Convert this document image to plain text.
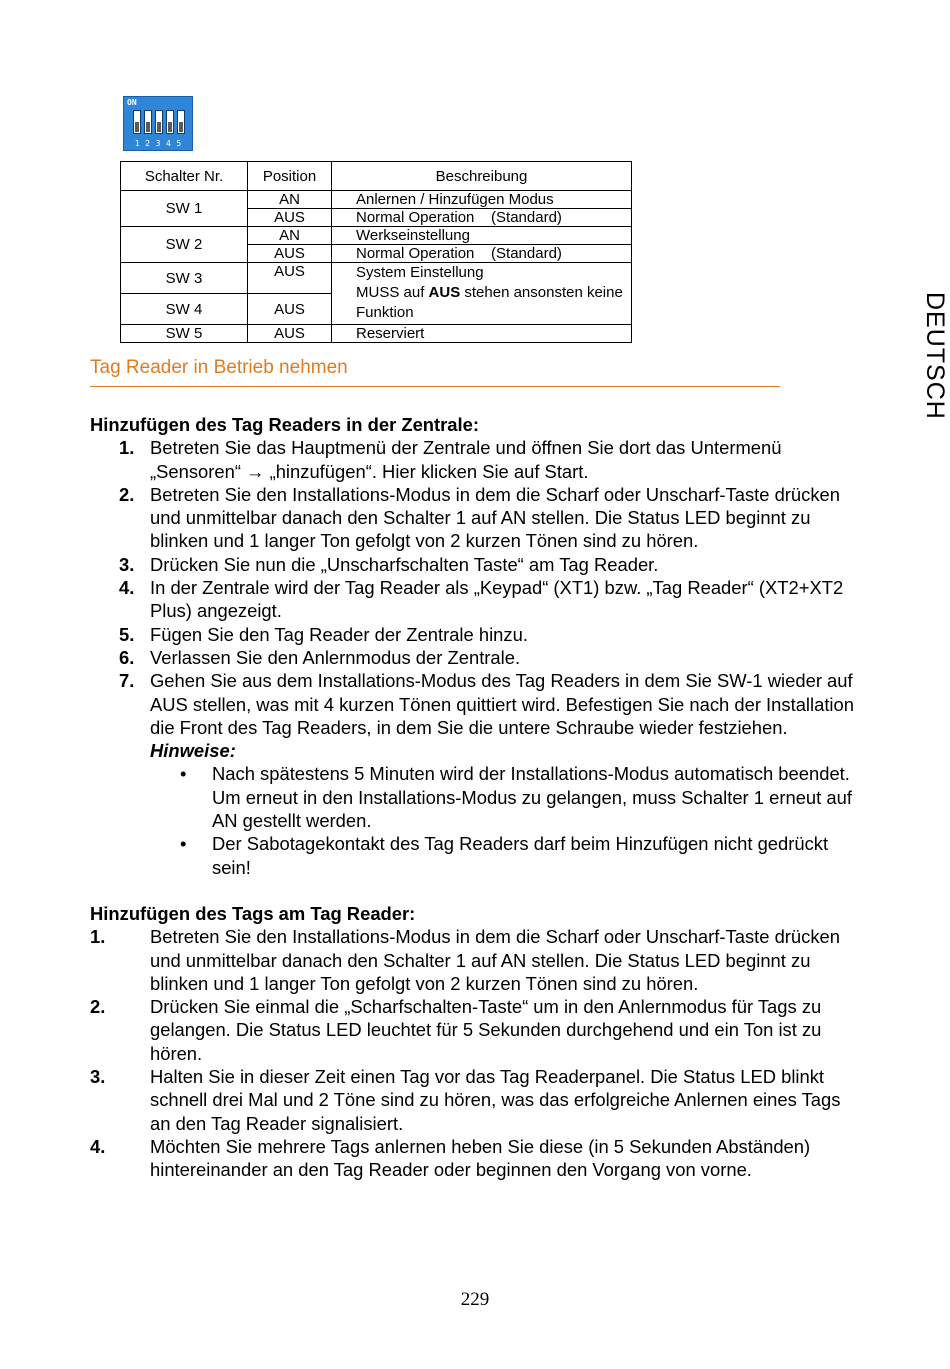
ON
1 2 3 4 5
Schalter Nr.	Position	Beschreibung
SW 1	AN	Anlernen / Hinzufügen Modus
	AUS	Normal Operation    (Standard)
SW 2	AN	Werkseinstellung
	AUS	Normal Operation    (Standard)
SW 3	AUS	System Einstellung
MUSS auf AUS stehen ansonsten keine Funktion

SW 4	AUS	
SW 5	AUS	Reserviert
Tag Reader in Betrieb nehmen	DEUTSCH
Hinzufügen des Tag Readers in der Zentrale:
1. Betreten Sie das Hauptmenü der Zentrale und öffnen Sie dort das Untermenü „Sensoren“ → „hinzufügen“. Hier klicken Sie auf Start.
2. Betreten Sie den Installations-Modus in dem die Scharf oder Unscharf-Taste drücken und unmittelbar danach den Schalter 1 auf AN stellen. Die Status LED beginnt zu blinken und 1 langer Ton gefolgt von 2 kurzen Tönen sind zu hören.
3. Drücken Sie nun die „Unscharfschalten Taste“ am Tag Reader.
4. In der Zentrale wird der Tag Reader als „Keypad“ (XT1) bzw. „Tag Reader“ (XT2+XT2 Plus) angezeigt.
5. Fügen Sie den Tag Reader der Zentrale hinzu.
6. Verlassen Sie den Anlernmodus der Zentrale.
7. Gehen Sie aus dem Installations-Modus des Tag Readers in dem Sie SW-1 wieder auf AUS stellen, was mit 4 kurzen Tönen quittiert wird. Befestigen Sie nach der Installation die Front des Tag Readers, in dem Sie die untere Schraube wieder festziehen.
Hinweise:
•	Nach spätestens 5 Minuten wird der Installations-Modus automatisch beendet. Um erneut in den Installations-Modus zu gelangen, muss Schalter 1 erneut auf AN gestellt werden.
•	Der Sabotagekontakt des Tag Readers darf beim Hinzufügen nicht gedrückt sein!
Hinzufügen des Tags am Tag Reader:
1.	Betreten Sie den Installations-Modus in dem die Scharf oder Unscharf-Taste drücken und unmittelbar danach den Schalter 1 auf AN stellen. Die Status LED beginnt zu blinken und 1 langer Ton gefolgt von 2 kurzen Tönen sind zu hören.
2.	Drücken Sie einmal die „Scharfschalten-Taste“ um in den Anlernmodus für Tags zu gelangen. Die Status LED leuchtet für 5 Sekunden durchgehend und ein Ton ist zu hören.
3.	Halten Sie in dieser Zeit einen Tag vor das Tag Readerpanel. Die Status LED blinkt schnell drei Mal und 2 Töne sind zu hören, was das erfolgreiche Anlernen eines Tags an den Tag Reader signalisiert.
4.	Möchten Sie mehrere Tags anlernen heben Sie diese (in 5 Sekunden Abständen) hintereinander an den Tag Reader oder beginnen den Vorgang von vorne.
229
